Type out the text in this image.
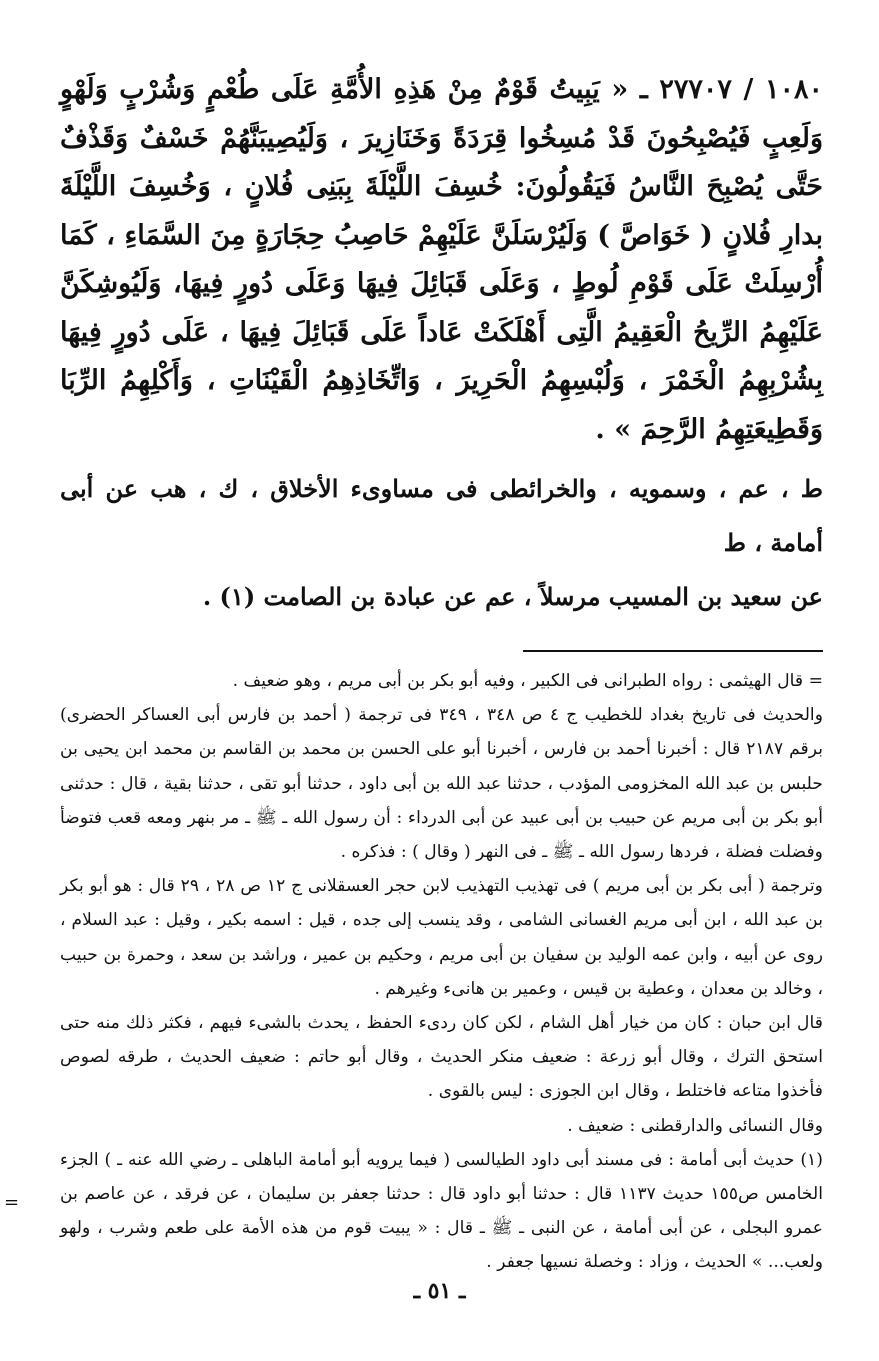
١٠٨٠ / ٢٧٧٠٧ ـ « يَبِيتُ قَوْمٌ مِنْ هَذِهِ الأُمَّةِ عَلَى طُعْمٍ وَشُرْبٍ وَلَهْوٍ وَلَعِبٍ فَيُصْبِحُونَ قَدْ مُسِخُوا قِرَدَةً وَخَنَازِيرَ ، وَلَيُصِيبَنَّهُمْ خَسْفٌ وَقَذْفٌ حَتَّى يُصْبِحَ النَّاسُ فَيَقُولُونَ: خُسِفَ اللَّيْلَةَ بِبَنِى فُلانٍ ، وَخُسِفَ اللَّيْلَةَ بدارِ فُلانٍ ( خَوَاصَّ ) وَلَيُرْسَلَنَّ عَلَيْهِمْ حَاصِبُ حِجَارَةٍ مِنَ السَّمَاءِ ، كَمَا أُرْسِلَتْ عَلَى قَوْمِ لُوطٍ ، وَعَلَى قَبَائِلَ فِيهَا وَعَلَى دُورٍ فِيهَا، وَلَيُوشِكَنَّ عَلَيْهِمُ الرِّيحُ الْعَقِيمُ الَّتِى أَهْلَكَتْ عَاداً عَلَى قَبَائِلَ فِيهَا ، عَلَى دُورٍ فِيهَا بِشُرْبِهِمُ الْخَمْرَ ، وَلُبْسِهِمُ الْحَرِيرَ ، وَاتِّخَاذِهِمُ الْقَيْنَاتِ ، وَأَكْلِهِمُ الرِّبَا وَقَطِيعَتِهِمُ الرَّحِمَ » .

ط ، عم ، وسمويه ، والخرائطى فى مساوىء الأخلاق ، ك ، هب عن أبى أمامة ، ط
عن سعيد بن المسيب مرسلاً ، عم عن عبادة بن الصامت (١) .

= قال الهيثمى : رواه الطبرانى فى الكبير ، وفيه أبو بكر بن أبى مريم ، وهو ضعيف .

والحديث فى تاريخ بغداد للخطيب ج ٤ ص ٣٤٨ ، ٣٤٩ فى ترجمة ( أحمد بن فارس أبى العساكر الحضرى) برقم ٢١٨٧ قال : أخبرنا أحمد بن فارس ، أخبرنا أبو على الحسن بن محمد بن القاسم بن محمد ابن يحيى بن حلبس بن عبد الله المخزومى المؤدب ، حدثنا عبد الله بن أبى داود ، حدثنا أبو تقى ، حدثنا بقية ، قال : حدثنى أبو بكر بن أبى مريم عن حبيب بن أبى عبيد عن أبى الدرداء : أن رسول الله ـ ﷺ ـ مر بنهر ومعه قعب فتوضأ وفضلت فضلة ، فردها رسول الله ـ ﷺ ـ فى النهر ( وقال ) : فذكره .

وترجمة ( أبى بكر بن أبى مريم ) فى تهذيب التهذيب لابن حجر العسقلانى ج ١٢ ص ٢٨ ، ٢٩ قال : هو أبو بكر بن عبد الله ، ابن أبى مريم الغسانى الشامى ، وقد ينسب إلى جده ، قيل : اسمه بكير ، وقيل : عبد السلام ، روى عن أبيه ، وابن عمه الوليد بن سفيان بن أبى مريم ، وحكيم بن عمير ، وراشد بن سعد ، وحمرة بن حبيب ، وخالد بن معدان ، وعطية بن قيس ، وعمير بن هانىء وغيرهم .

قال ابن حبان : كان من خيار أهل الشام ، لكن كان ردىء الحفظ ، يحدث بالشىء فيهم ، فكثر ذلك منه حتى استحق الترك ، وقال أبو زرعة : ضعيف منكر الحديث ، وقال أبو حاتم : ضعيف الحديث ، طرقه لصوص فأخذوا متاعه فاختلط ، وقال ابن الجوزى : ليس بالقوى .

وقال النسائى والدارقطنى : ضعيف .

(١) حديث أبى أمامة : فى مسند أبى داود الطيالسى ( فيما يرويه أبو أمامة الباهلى ـ رضي الله عنه ـ ) الجزء الخامس ص١٥٥ حديث ١١٣٧ قال : حدثنا أبو داود قال : حدثنا جعفر بن سليمان ، عن فرقد ، عن عاصم بن عمرو البجلى ، عن أبى أمامة ، عن النبى ـ ﷺ ـ قال : « يبيت قوم من هذه الأمة على طعم وشرب ، ولهو ولعب... » الحديث ، وزاد : وخصلة نسيها جعفر .

=
ـ ٥١ ـ
